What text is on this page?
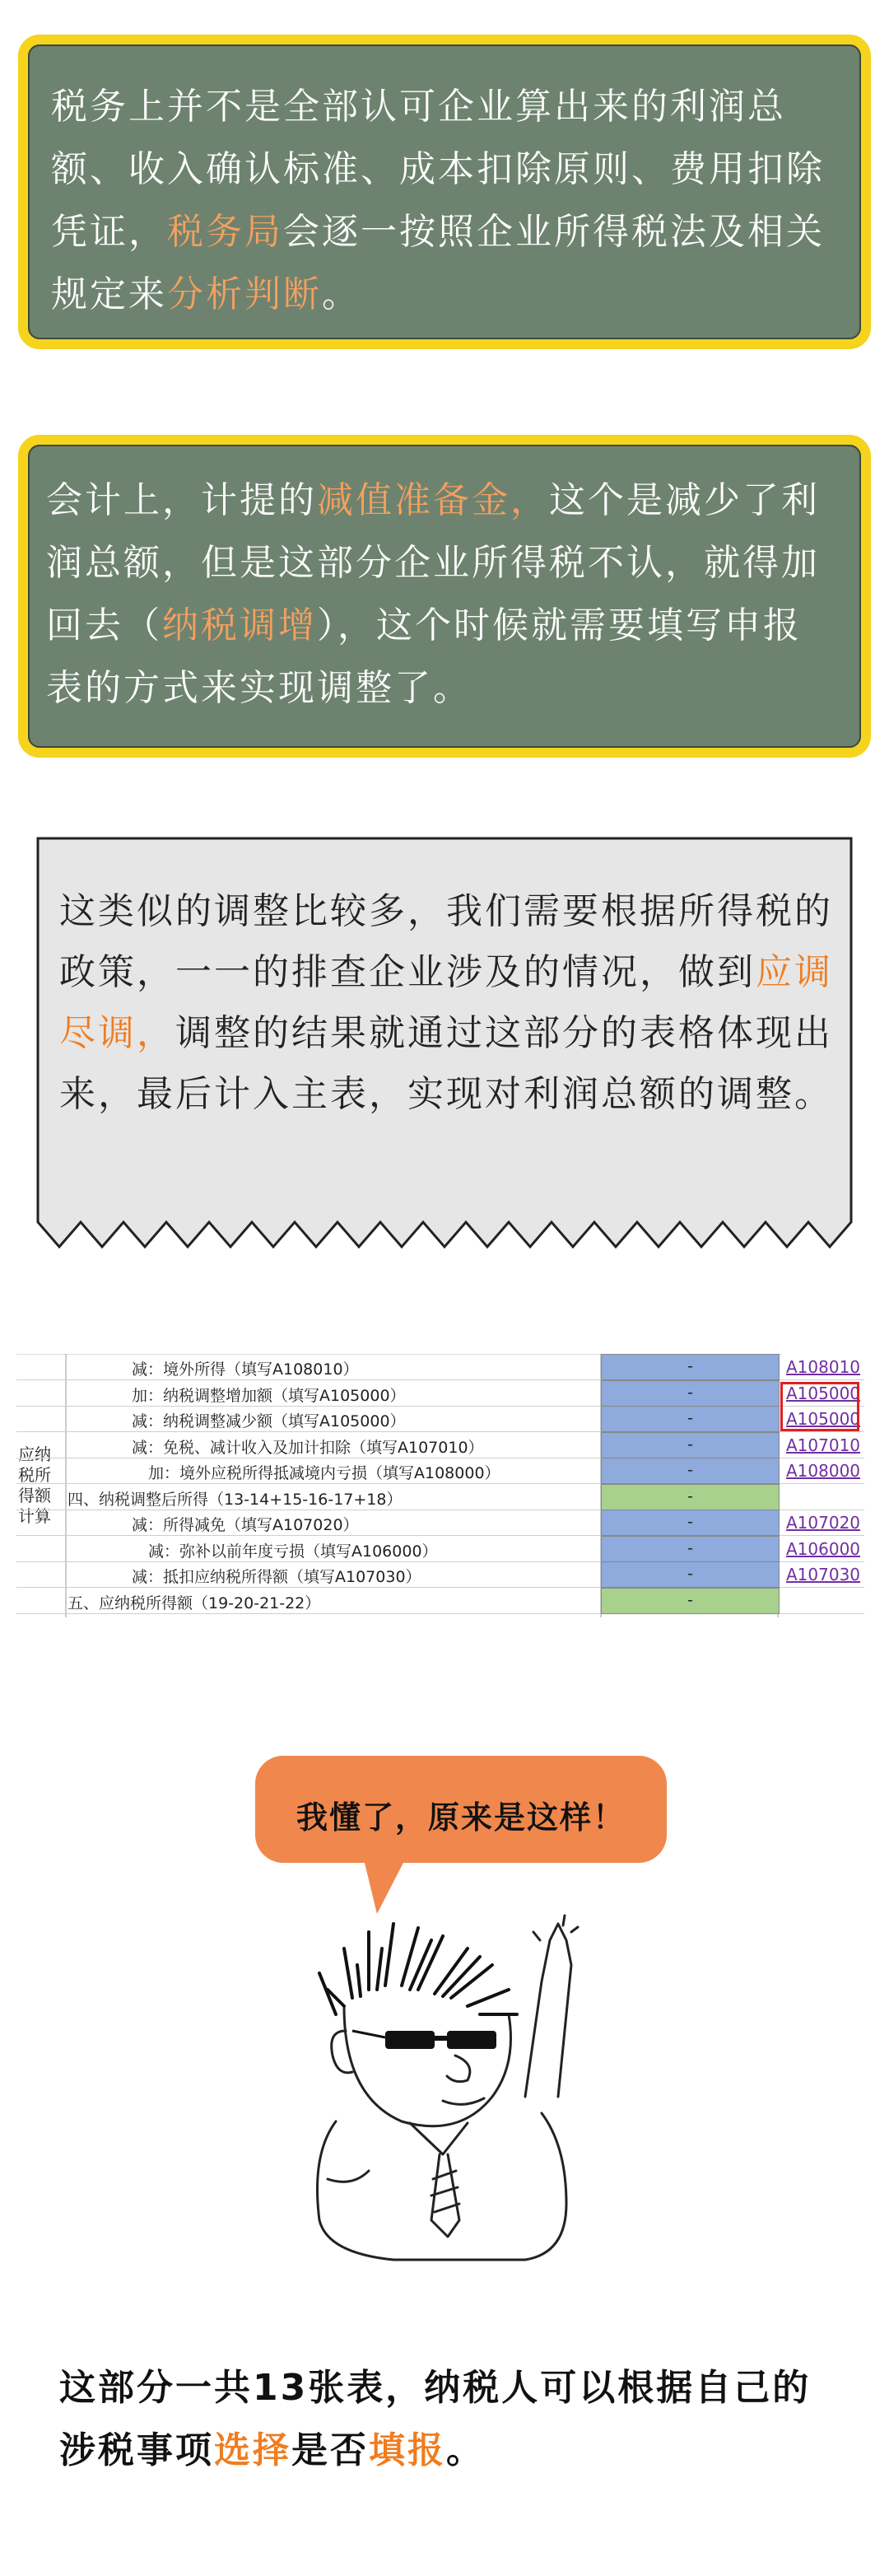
税务上并不是全部认可企业算出来的利润总额、收入确认标准、成本扣除原则、费用扣除凭证，税务局会逐一按照企业所得税法及相关规定来分析判断。
会计上，计提的减值准备金，这个是减少了利润总额，但是这部分企业所得税不认，就得加回去（纳税调增），这个时候就需要填写申报表的方式来实现调整了。
这类似的调整比较多，我们需要根据所得税的政策，一一的排查企业涉及的情况，做到应调尽调，调整的结果就通过这部分的表格体现出来，最后计入主表，实现对利润总额的调整。
应纳税所得额计算
减：境外所得（填写A108010）	-	A108010
加：纳税调整增加额（填写A105000）	-	A105000
减：纳税调整减少额（填写A105000）	-	A105000
减：免税、减计收入及加计扣除（填写A107010）	-	A107010
加：境外应税所得抵减境内亏损（填写A108000）	-	A108000
四、纳税调整后所得（13-14+15-16-17+18）	-
减：所得减免（填写A107020）	-	A107020
减：弥补以前年度亏损（填写A106000）	-	A106000
减：抵扣应纳税所得额（填写A107030）	-	A107030
五、应纳税所得额（19-20-21-22）	-
我懂了，原来是这样！
这部分一共13张表，纳税人可以根据自己的涉税事项选择是否填报。
